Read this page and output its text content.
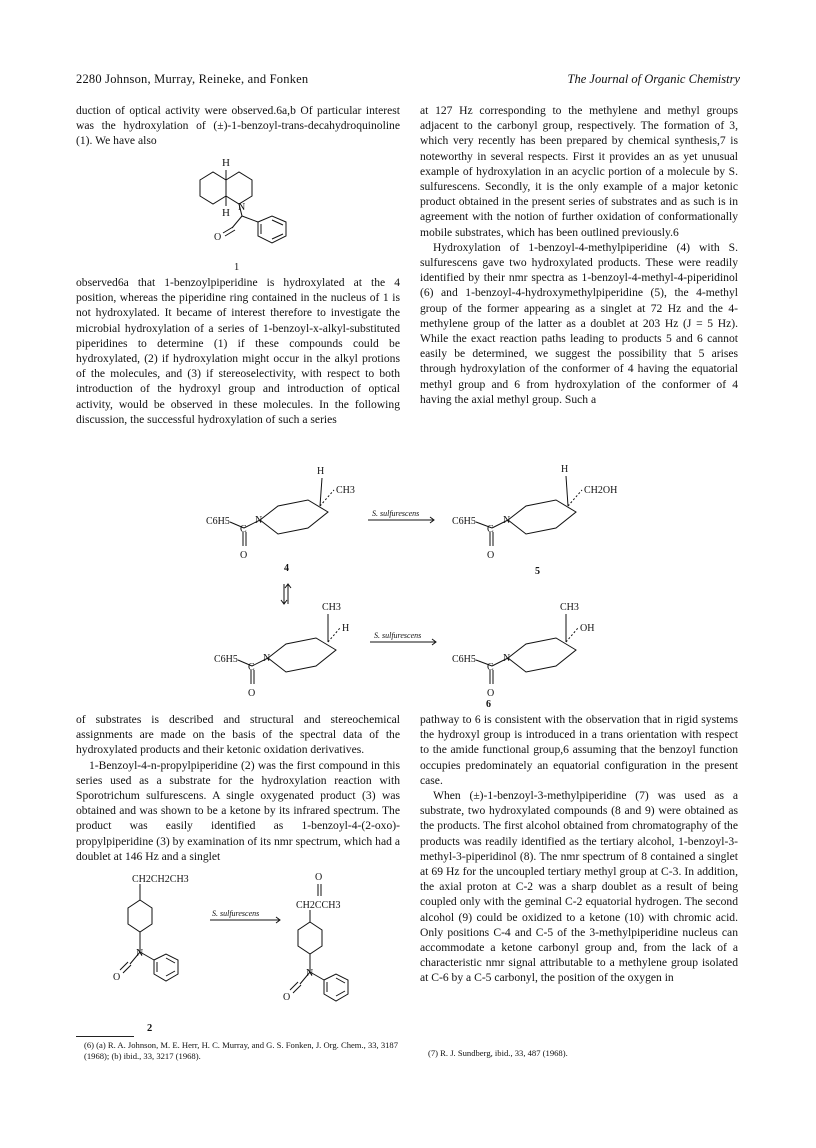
2280 Johnson, Murray, Reineke, and Fonken	The Journal of Organic Chemistry

duction of optical activity were observed.6a,b Of particular interest was the hydroxylation of (±)-1-benzoyl-trans-decahydroquinoline (1). We have also

H
H N
O
1

observed6a that 1-benzoylpiperidine is hydroxylated at the 4 position, whereas the piperidine ring contained in the nucleus of 1 is not hydroxylated. It became of interest therefore to investigate the microbial hydroxylation of a series of 1-benzoyl-x-alkyl-substituted piperidines to determine (1) if these compounds could be hydroxylated, (2) if hydroxylation might occur in the alkyl protions of the molecules, and (3) if stereoselectivity, with respect to both introduction of the hydroxyl group and introduction of optical activity, would be observed in these molecules. In the following discussion, the successful hydroxylation of such a series

at 127 Hz corresponding to the methylene and methyl groups adjacent to the carbonyl group, respectively. The formation of 3, which very recently has been prepared by chemical synthesis,7 is noteworthy in several respects. First it provides an as yet unusual example of hydroxylation in an acyclic portion of a molecule by S. sulfurescens. Secondly, it is the only example of a major ketonic product obtained in the present series of substrates and as such is in agreement with the notion of further oxidation of conformationally mobile substrates, which has been outlined previously.6

Hydroxylation of 1-benzoyl-4-methylpiperidine (4) with S. sulfurescens gave two hydroxylated products. These were readily identified by their nmr spectra as 1-benzoyl-4-methyl-4-piperidinol (6) and 1-benzoyl-4-hydroxymethylpiperidine (5), the 4-methyl group of the former appearing as a singlet at 72 Hz and the 4-methylene group of the latter as a doublet at 203 Hz (J = 5 Hz). While the exact reaction paths leading to products 5 and 6 cannot easily be determined, we suggest the possibility that 5 arises through hydroxylation of the conformer of 4 having the equatorial methyl group and 6 from hydroxylation of the conformer of 4 having the axial methyl group. Such a

H
CH3
N
C6H5
C
O
4
S. sulfurescens
H
CH2OH
N
C6H5
C
O
5
CH3
H
N
C6H5
C
O
S. sulfurescens
CH3
OH
N
C6H5
C
O
6

of substrates is described and structural and stereochemical assignments are made on the basis of the spectral data of the hydroxylated products and their ketonic oxidation derivatives.

1-Benzoyl-4-n-propylpiperidine (2) was the first compound in this series used as a substrate for the hydroxylation reaction with Sporotrichum sulfurescens. A single oxygenated product (3) was obtained and was shown to be a ketone by its infrared spectrum. The product was easily identified as 1-benzoyl-4-(2-oxo)-propylpiperidine (3) by examination of its nmr spectrum, which had a doublet at 146 Hz and a singlet

CH2CH2CH3
N
O
S. sulfurescens
O
CH2CCH3
N
O
2

pathway to 6 is consistent with the observation that in rigid systems the hydroxyl group is introduced in a trans orientation with respect to the amide functional group,6 assuming that the benzoyl function occupies predominately an equatorial configuration in the present case.

When (±)-1-benzoyl-3-methylpiperidine (7) was used as a substrate, two hydroxylated compounds (8 and 9) were obtained as the products. The first alcohol obtained from chromatography of the products was readily identified as the tertiary alcohol, 1-benzoyl-3-methyl-3-piperidinol (8). The nmr spectrum of 8 contained a singlet at 69 Hz for the uncoupled tertiary methyl group at C-3. In addition, the axial proton at C-2 was a sharp doublet as a result of being coupled only with the geminal C-2 equatorial hydrogen. The second alcohol (9) could be oxidized to a ketone (10) with chromic acid. Only positions C-4 and C-5 of the 3-methylpiperidine nucleus can accommodate a ketone carbonyl group and, from the lack of a characteristic nmr signal attributable to a methylene group isolated at C-6 by a C-5 carbonyl, the position of the oxygen in

(6) (a) R. A. Johnson, M. E. Herr, H. C. Murray, and G. S. Fonken, J. Org. Chem., 33, 3187 (1968); (b) ibid., 33, 3217 (1968).	(7) R. J. Sundberg, ibid., 33, 487 (1968).
